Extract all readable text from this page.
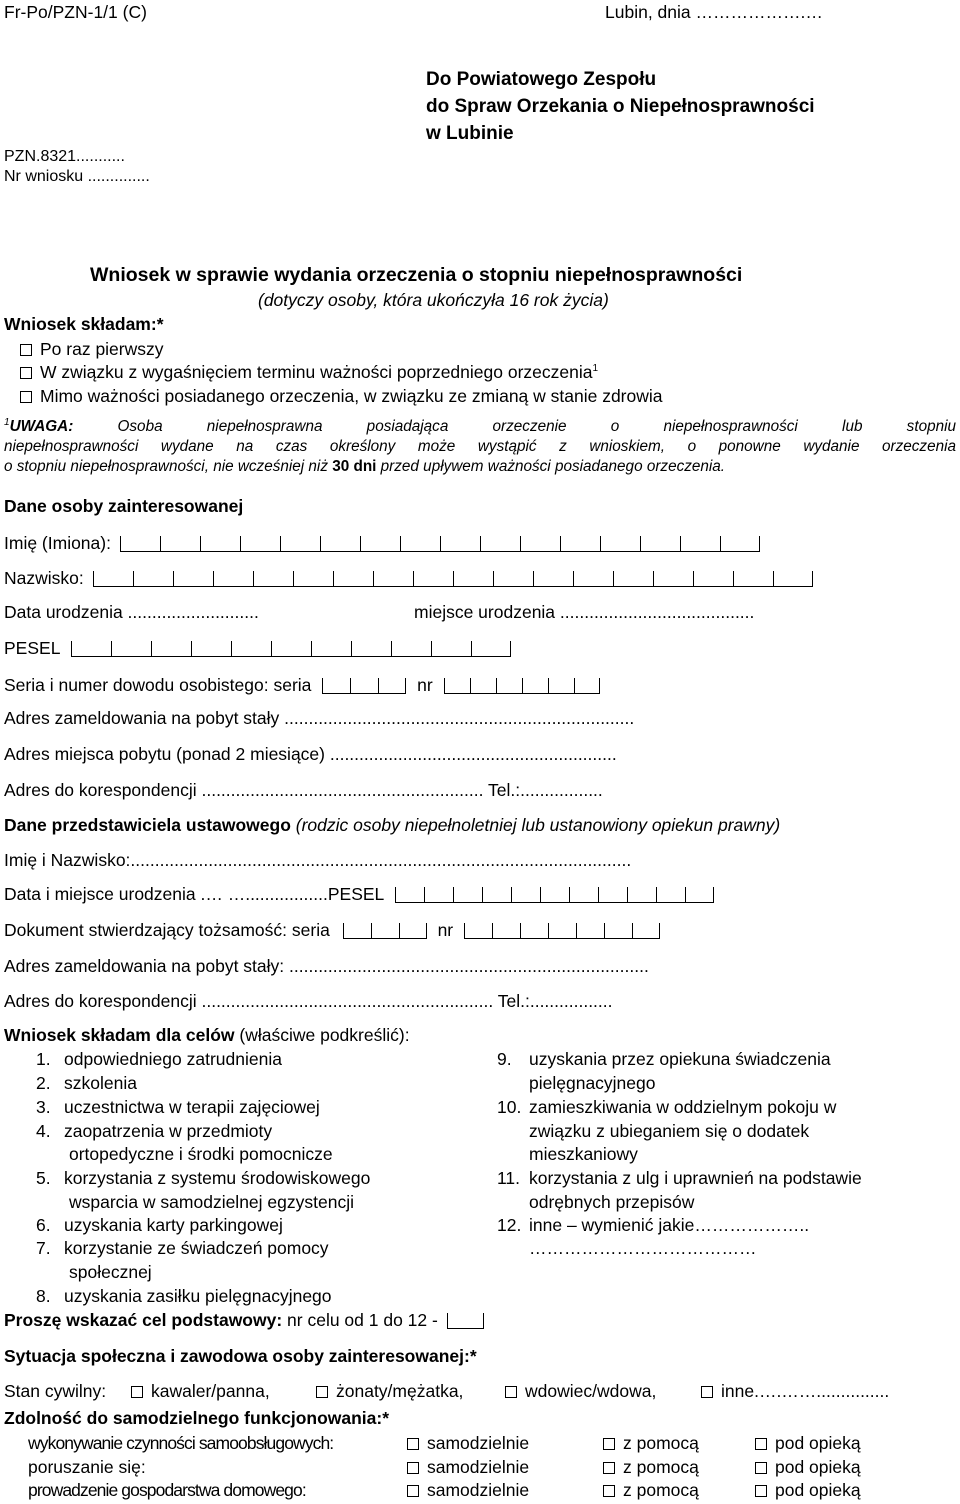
Fr-Po/PZN-1/1 (C)	Lubin, dnia ……………….…
Do Powiatowego Zespołu
do Spraw Orzekania o Niepełnosprawności
w Lubinie
PZN.8321...........
Nr wniosku ..............
Wniosek w sprawie wydania orzeczenia o stopniu niepełnosprawności
(dotyczy osoby, która ukończyła 16 rok życia)
Wniosek składam:*
Po raz pierwszy
W związku z wygaśnięciem terminu ważności poprzedniego orzeczenia$^1$
Mimo ważności posiadanego orzeczenia, w związku ze zmianą w stanie zdrowia
$^1$UWAGA:	Osoba niepełnosprawna posiadająca orzeczenie o niepełnosprawności lub stopniu
niepełnosprawności wydane na czas określony może wystąpić z wnioskiem, o ponowne wydanie orzeczenia
o stopniu niepełnosprawności, nie wcześniej niż 30 dni przed upływem ważności posiadanego orzeczenia.
Dane osoby zainteresowanej
Imię (Imiona):
Nazwisko:
Data urodzenia ...........................	miejsce urodzenia ........................................
PESEL
Seria i numer dowodu osobistego: seria	nr
Adres zameldowania na pobyt stały ........................................................................
Adres miejsca pobytu (ponad 2 miesiące) ...........................................................
Adres do korespondencji .......................................................... Tel.:.................
Dane przedstawiciela ustawowego (rodzic osoby niepełnoletniej lub ustanowiony opiekun prawny)
Imię i Nazwisko:.......................................................................................................
Data i miejsce urodzenia .… ….................PESEL
Dokument stwierdzający tożsamość: seria	nr
Adres zameldowania na pobyt stały: ..........................................................................
Adres do korespondencji ............................................................ Tel.:.................
Wniosek składam dla celów (właściwe podkreślić):
1. odpowiedniego zatrudnienia
2. szkolenia
3. uczestnictwa w terapii zajęciowej
4. zaopatrzenia w przedmioty
ortopedyczne i środki pomocnicze
5. korzystania z systemu środowiskowego
wsparcia w samodzielnej egzystencji
6. uzyskania karty parkingowej
7. korzystanie ze świadczeń pomocy
społecznej
8. uzyskania zasiłku pielęgnacyjnego
9. uzyskania przez opiekuna świadczenia
pielęgnacyjnego
10. zamieszkiwania w oddzielnym pokoju w
związku z ubieganiem się o dodatek
mieszkaniowy
11. korzystania z ulg i uprawnień na podstawie
odrębnych przepisów
12. inne – wymienić jakie………………..
…………………………………
Proszę wskazać cel podstawowy: nr celu od 1 do 12 -
Sytuacja społeczna i zawodowa osoby zainteresowanej:*
Stan cywilny:	kawaler/panna,	żonaty/mężatka,	wdowiec/wdowa,	inne.….……...............
Zdolność do samodzielnego funkcjonowania:*
wykonywanie czynności samoobsługowych:	samodzielnie	z pomocą	pod opieką
poruszanie się:	samodzielnie	z pomocą	pod opieką
prowadzenie gospodarstwa domowego:	samodzielnie	z pomocą	pod opieką
